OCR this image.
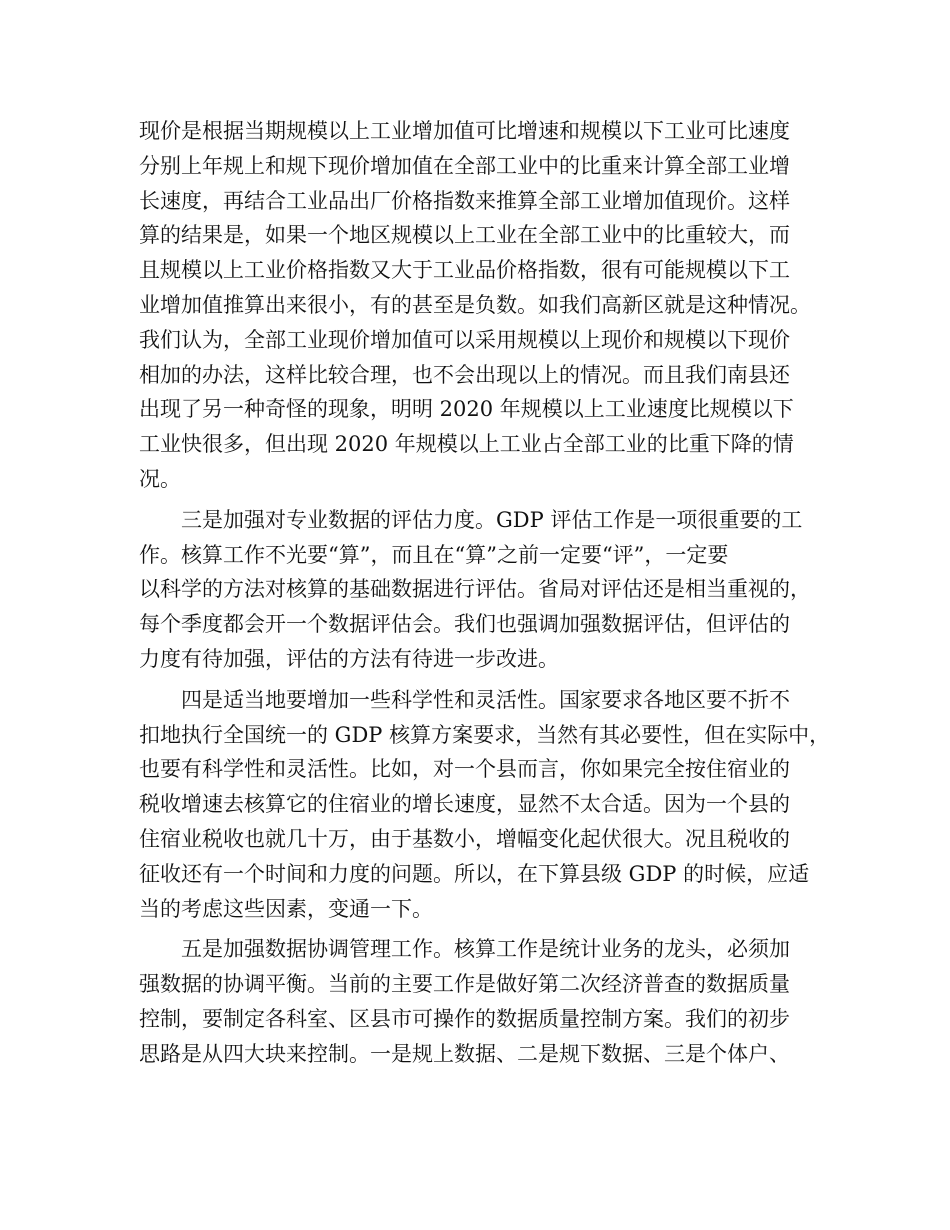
现价是根据当期规模以上工业增加值可比增速和规模以下工业可比速度
分别上年规上和规下现价增加值在全部工业中的比重来计算全部工业增
长速度，再结合工业品出厂价格指数来推算全部工业增加值现价。这样
算的结果是，如果一个地区规模以上工业在全部工业中的比重较大，而
且规模以上工业价格指数又大于工业品价格指数，很有可能规模以下工
业增加值推算出来很小，有的甚至是负数。如我们高新区就是这种情况。
我们认为，全部工业现价增加值可以采用规模以上现价和规模以下现价
相加的办法，这样比较合理，也不会出现以上的情况。而且我们南县还
出现了另一种奇怪的现象，明明 2020 年规模以上工业速度比规模以下
工业快很多，但出现 2020 年规模以上工业占全部工业的比重下降的情
况。
三是加强对专业数据的评估力度。GDP 评估工作是一项很重要的工
作。核算工作不光要“算”，而且在“算”之前一定要“评”，一定要
以科学的方法对核算的基础数据进行评估。省局对评估还是相当重视的，
每个季度都会开一个数据评估会。我们也强调加强数据评估，但评估的
力度有待加强，评估的方法有待进一步改进。
四是适当地要增加一些科学性和灵活性。国家要求各地区要不折不
扣地执行全国统一的 GDP 核算方案要求，当然有其必要性，但在实际中，
也要有科学性和灵活性。比如，对一个县而言，你如果完全按住宿业的
税收增速去核算它的住宿业的增长速度，显然不太合适。因为一个县的
住宿业税收也就几十万，由于基数小，增幅变化起伏很大。况且税收的
征收还有一个时间和力度的问题。所以，在下算县级 GDP 的时候，应适
当的考虑这些因素，变通一下。
五是加强数据协调管理工作。核算工作是统计业务的龙头，必须加
强数据的协调平衡。当前的主要工作是做好第二次经济普查的数据质量
控制，要制定各科室、区县市可操作的数据质量控制方案。我们的初步
思路是从四大块来控制。一是规上数据、二是规下数据、三是个体户、
